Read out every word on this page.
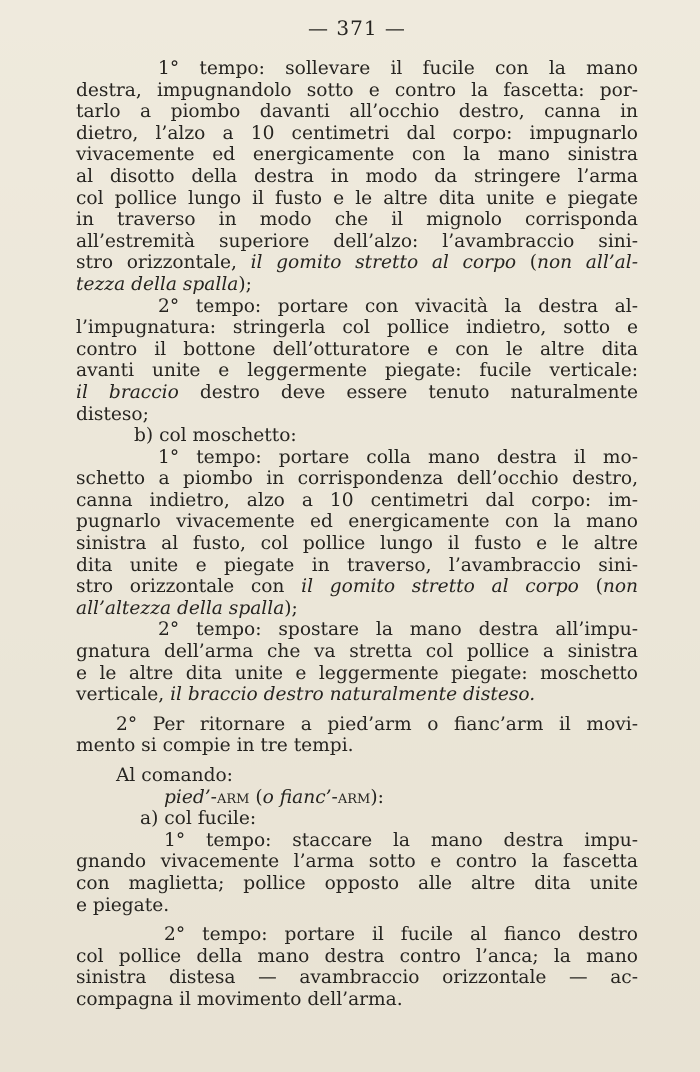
— 371 —

1° tempo: sollevare il fucile con la mano

destra, impugnandolo sotto e contro la fascetta: por-

tarlo a piombo davanti all’occhio destro, canna in

dietro, l’alzo a 10 centimetri dal corpo: impugnarlo

vivacemente ed energicamente con la mano sinistra

al disotto della destra in modo da stringere l’arma

col pollice lungo il fusto e le altre dita unite e piegate

in traverso in modo che il mignolo corrisponda

all’estremità superiore dell’alzo: l’avambraccio sini-

stro orizzontale, il gomito stretto al corpo (non all’al-

tezza della spalla);

2° tempo: portare con vivacità la destra al-

l’impugnatura: stringerla col pollice indietro, sotto e

contro il bottone dell’otturatore e con le altre dita

avanti unite e leggermente piegate: fucile verticale:

il braccio destro deve essere tenuto naturalmente

disteso;

b) col moschetto:

1° tempo: portare colla mano destra il mo-

schetto a piombo in corrispondenza dell’occhio destro,

canna indietro, alzo a 10 centimetri dal corpo: im-

pugnarlo vivacemente ed energicamente con la mano

sinistra al fusto, col pollice lungo il fusto e le altre

dita unite e piegate in traverso, l’avambraccio sini-

stro orizzontale con il gomito stretto al corpo (non

all’altezza della spalla);

2° tempo: spostare la mano destra all’impu-

gnatura dell’arma che va stretta col pollice a sinistra

e le altre dita unite e leggermente piegate: moschetto

verticale, il braccio destro naturalmente disteso.

2° Per ritornare a pied’arm o fianc’arm il movi-

mento si compie in tre tempi.

Al comando:

pied’-arm (o fianc’-arm):

a) col fucile:

1° tempo: staccare la mano destra impu-

gnando vivacemente l’arma sotto e contro la fascetta

con maglietta; pollice opposto alle altre dita unite

e piegate.

2° tempo: portare il fucile al fianco destro

col pollice della mano destra contro l’anca; la mano

sinistra distesa — avambraccio orizzontale — ac-

compagna il movimento dell’arma.
